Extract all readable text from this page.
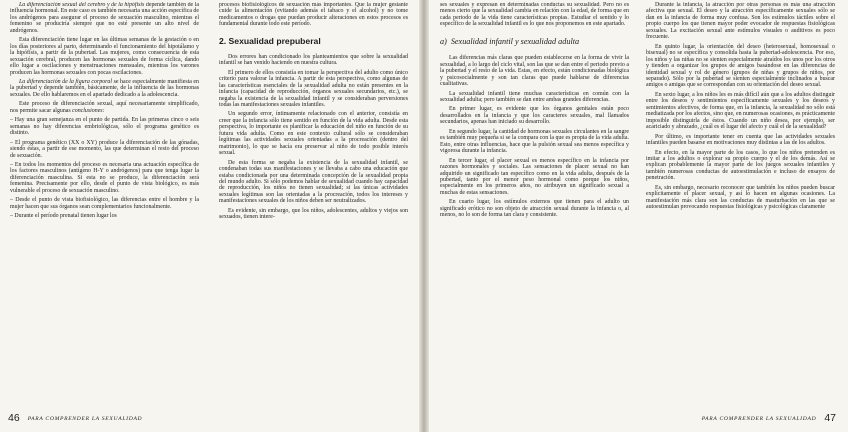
La diferenciación sexual del cerebro y de la hipófisis depende también de la influencia hormonal. En este caso es también necesaria una acción específica de los andrógenos para asegurar el proceso de sexuación masculino, mientras el femenino se produciría siempre que no esté presente un alto nivel de andrógenos.

Esta diferenciación tiene lugar en las últimas semanas de la gestación o en los días posteriores al parto, determinando el funcionamiento del hipotálamo y la hipófisis, a partir de la pubertad. Las mujeres, como consecuencia de esta sexuación cerebral, producen las hormonas sexuales de forma cíclica, dando ello lugar a oscilaciones y menstruaciones mensuales, mientras los varones producen las hormonas sexuales con pocas oscilaciones.

La diferenciación de la figura corporal se hace especialmente manifiesta en la pubertad y depende también, básicamente, de la influencia de las hormonas sexuales. De ello hablaremos en el apartado dedicado a la adolescencia.

Este proceso de diferenciación sexual, aquí necesariamente simplificado, nos permite sacar algunas conclusiones:

– Hay una gran semejanza en el punto de partida. En las primeras cinco o seis semanas no hay diferencias embriológicas, sólo el programa genético es distinto.

– El programa genético (XX o XY) produce la diferenciación de las gónadas, siendo éstas, a partir de ese momento, las que determinan el resto del proceso de sexuación.

– En todos los momentos del proceso es necesaria una actuación específica de los factores masculinos (antígeno H-Y o andrógenos) para que tenga lugar la diferenciación masculina. Si esta no se produce, la diferenciación será femenina. Precisamente por ello, desde el punto de vista biológico, es más vulnerable el proceso de sexuación masculino.

– Desde el punto de vista biofisiológico, las diferencias entre el hombre y la mujer hacen que sus órganos sean complementarios funcionalmente.

– Durante el período prenatal tienen lugar los

procesos biofisiológicos de sexuación más importantes. Que la mujer gestante cuide la alimentación (evitando además el tabaco y el alcohol) y no tome medicamentos o drogas que puedan producir alteraciones en estos procesos es fundamental durante todo este período.

2. Sexualidad prepuberal

Dos errores han condicionado los planteamientos que sobre la sexualidad infantil se han venido haciendo en nuestra cultura.

El primero de ellos consistía en tomar la perspectiva del adulto como único criterio para valorar la infancia. A partir de esta perspectiva, como algunas de las características esenciales de la sexualidad adulta no están presentes en la infancia (capacidad de reproducción, órganos sexuales secundarios, etc.), se negaba la existencia de la sexualidad infantil y se consideraban perversiones todas las manifestaciones sexuales infantiles.

Un segundo error, íntimamente relacionado con el anterior, consistía en creer que la infancia sólo tiene sentido en función de la vida adulta. Desde esta perspectiva, lo importante es planificar la educación del niño en función de su futura vida adulta. Como en este contexto cultural sólo se consideraban legítimas las actividades sexuales orientadas a la procreación (dentro del matrimonio), lo que se hacía era preservar al niño de todo posible interés sexual.

De esta forma se negaba la existencia de la sexualidad infantil, se condenaban todas sus manifestaciones y se llevaba a cabo una educación que estaba condicionada por una determinada concepción de la sexualidad propia del mundo adulto. Si sólo podemos hablar de sexualidad cuando hay capacidad de reproducción, los niños no tienen sexualidad; si las únicas actividades sexuales legítimas son las orientadas a la procreación, todos los intereses y manifestaciones sexuales de los niños deben ser neutralizados.

Es evidente, sin embargo, que los niños, adolescentes, adultos y viejos son sexuados, tienen intere-

46 PARA COMPRENDER LA SEXUALIDAD

ses sexuales y expresan en determinadas conductas su sexualidad. Pero no es menos cierto que la sexualidad cambia en relación con la edad, de forma que en cada periodo de la vida tiene características propias. Estudiar el sentido y lo específico de la sexualidad infantil es lo que nos proponemos en este apartado.

a) Sexualidad infantil y sexualidad adulta

Las diferencias más claras que pueden establecerse en la forma de vivir la sexualidad, a lo largo del ciclo vital, son las que se dan entre el periodo previo a la pubertad y el resto de la vida. Estas, en efecto, están condicionadas biológica y psicosocialmente y son tan claras que puede hablarse de diferencias cualitativas.

La sexualidad infantil tiene muchas características en común con la sexualidad adulta; pero también se dan entre ambas grandes diferencias.

En primer lugar, es evidente que los órganos genitales están poco desarrollados en la infancia y que los caracteres sexuales, mal llamados secundarios, apenas han iniciado su desarrollo.

En segundo lugar, la cantidad de hormonas sexuales circulantes en la sangre es también muy pequeña si se la compara con la que es propia de la vida adulta. Esto, entre otras influencias, hace que la pulsión sexual sea menos específica y vigorosa durante la infancia.

En tercer lugar, el placer sexual es menos específico en la infancia por razones hormonales y sociales. Las sensaciones de placer sexual no han adquirido un significado tan específico como en la vida adulta, después de la pubertad, tanto por el menor peso hormonal como porque los niños, especialmente en los primeros años, no atribuyen un significado sexual a muchas de estas sensaciones.

En cuarto lugar, los estímulos externos que tienen para el adulto un significado erótico no son objeto de atracción sexual durante la infancia o, al menos, no lo son de forma tan clara y consistente.

Durante la infancia, la atracción por otras personas es más una atracción afectiva que sexual. El deseo y la atracción específicamente sexuales sólo se dan en la infancia de forma muy confusa. Son los estímulos táctiles sobre el propio cuerpo los que tienen mayor poder evocador de respuestas fisiológicas sexuales. La excitación sexual ante estímulos visuales o auditivos es poco frecuente.

En quinto lugar, la orientación del deseo (heterosexual, homosexual o bisexual) no se específica y consolida hasta la pubertad-adolescencia. Por eso, los niños y las niñas no se sienten especialmente atraídos los unos por los otros y tienden a organizar los grupos de amigos basándose en las diferencias de identidad sexual y rol de género (grupos de niñas y grupos de niños, por separado). Sólo por la pubertad se sienten especialmente inclinados a buscar amigos o amigas que se correspondan con su orientación del deseo sexual.

En sexto lugar, a los niños les es más difícil aún que a los adultos distinguir entre los deseos y sentimientos específicamente sexuales y los deseos y sentimientos afectivos, de forma que, en la infancia, la sexualidad no sólo está mediatizada por los afectos, sino que, en numerosas ocasiones, es prácticamente imposible distinguirla de éstos. Cuando un niño desea, por ejemplo, ser acariciado y abrazado, ¿cuál es el lugar del afecto y cuál el de la sexualidad?

Por último, es importante tener en cuenta que las actividades sexuales infantiles pueden basarse en motivaciones muy distintas a las de los adultos.

En efecto, en la mayor parte de los casos, lo que los niños pretenden es imitar a los adultos o explorar su propio cuerpo y el de los demás. Así se explican probablemente la mayor parte de los juegos sexuales infantiles y también numerosas conductas de autoestimulación e incluso de ensayos de penetración.

Es, sin embargo, necesario reconocer que también los niños pueden buscar explícitamente el placer sexual, y así lo hacen en algunas ocasiones. La manifestación más clara son las conductas de masturbación en las que se autoestimulan provocando respuestas fisiológicas y psicológicas claramente

PARA COMPRENDER LA SEXUALIDAD 47
